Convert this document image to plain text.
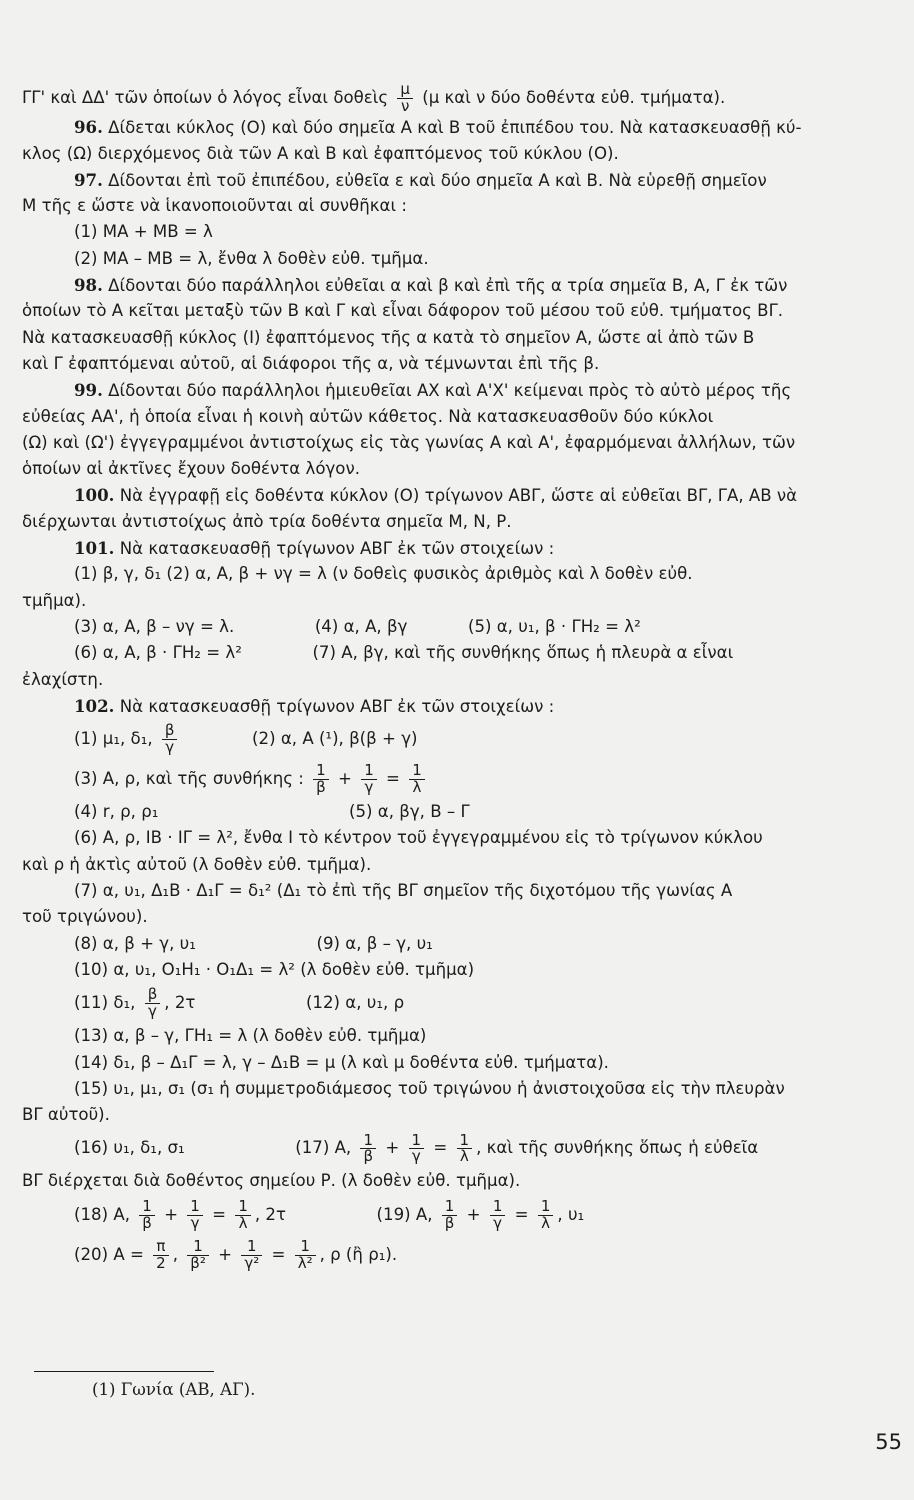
ΓΓ' καὶ ΔΔ' τῶν ὁποίων ὁ λόγος εἶναι δοθεὶς $\frac{\mu}{\nu} (\mu$ καὶ ν δύο δοθέντα εὐθ. τμήματα).
96. Δίδεται κύκλος (Ο) καὶ δύο σημεῖα Α καὶ Β τοῦ ἐπιπέδου του. Νὰ κατασκευασθῇ κύ-
κλος (Ω) διερχόμενος διὰ τῶν Α καὶ Β καὶ ἐφαπτόμενος τοῦ κύκλου (Ο).
97. Δίδονται ἐπὶ τοῦ ἐπιπέδου, εὐθεῖα ε καὶ δύο σημεῖα Α καὶ Β. Νὰ εὑρεθῇ σημεῖον
Μ τῆς ε ὥστε νὰ ἱκανοποιοῦνται αἱ συνθῆκαι :
(1) ΜΑ + ΜΒ = λ
(2) ΜΑ – ΜΒ = λ, ἔνθα λ δοθὲν εὐθ. τμῆμα.
98. Δίδονται δύο παράλληλοι εὐθεῖαι α καὶ β καὶ ἐπὶ τῆς α τρία σημεῖα Β, Α, Γ ἐκ τῶν
ὁποίων τὸ Α κεῖται μεταξὺ τῶν Β καὶ Γ καὶ εἶναι δάφορον τοῦ μέσου τοῦ εὐθ. τμήματος ΒΓ.
Νὰ κατασκευασθῇ κύκλος (Ι) ἐφαπτόμενος τῆς α κατὰ τὸ σημεῖον Α, ὥστε αἱ ἀπὸ τῶν Β
καὶ Γ ἐφαπτόμεναι αὐτοῦ, αἱ διάφοροι τῆς α, νὰ τέμνωνται ἐπὶ τῆς β.
99. Δίδονται δύο παράλληλοι ἡμιευθεῖαι ΑΧ καὶ Α'Χ' κείμεναι πρὸς τὸ αὐτὸ μέρος τῆς
εὐθείας ΑΑ', ἡ ὁποία εἶναι ἡ κοινὴ αὐτῶν κάθετος. Νὰ κατασκευασθοῦν δύο κύκλοι
(Ω) καὶ (Ω') ἐγγεγραμμένοι ἀντιστοίχως εἰς τὰς γωνίας Α καὶ Α', ἐφαρμόμεναι ἀλλήλων, τῶν
ὁποίων αἱ ἀκτῖνες ἔχουν δοθέντα λόγον.
100. Νὰ ἐγγραφῇ εἰς δοθέντα κύκλον (Ο) τρίγωνον ΑΒΓ, ὥστε αἱ εὐθεῖαι ΒΓ, ΓΑ, ΑΒ νὰ
διέρχωνται ἀντιστοίχως ἀπὸ τρία δοθέντα σημεῖα Μ, Ν, Ρ.
101. Νὰ κατασκευασθῇ τρίγωνον ΑΒΓ ἐκ τῶν στοιχείων :
(1) β, γ, δ₁ (2) α, Α, β + νγ = λ (ν δοθεὶς φυσικὸς ἀριθμὸς καὶ λ δοθὲν εὐθ.
τμῆμα).
(3) α, Α, β – νγ = λ.	(4) α, Α, βγ	(5) α, υ₁, β · ΓΗ₂ = λ²
(6) α, Α, β · ΓΗ₂ = λ²	(7) Α, βγ, καὶ τῆς συνθήκης ὅπως ἡ πλευρὰ α εἶναι
ἐλαχίστη.
102. Νὰ κατασκευασθῇ τρίγωνον ΑΒΓ ἐκ τῶν στοιχείων :
(1) μ₁, δ₁, $\frac{\beta}{\gamma}$	(2) α, Α (¹), β(β + γ)
(3) Α, ρ, καὶ τῆς συνθήκης : $\frac{1}{\beta} + \frac{1}{\gamma} = \frac{1}{\lambda}$
(4) r, ρ, ρ₁	(5) α, βγ, Β – Γ
(6) Α, ρ, ΙΒ · ΙΓ = λ², ἔνθα Ι τὸ κέντρον τοῦ ἐγγεγραμμένου εἰς τὸ τρίγωνον κύκλου
καὶ ρ ἡ ἀκτὶς αὐτοῦ (λ δοθὲν εὐθ. τμῆμα).
(7) α, υ₁, Δ₁Β · Δ₁Γ = δ₁² (Δ₁ τὸ ἐπὶ τῆς ΒΓ σημεῖον τῆς διχοτόμου τῆς γωνίας Α
τοῦ τριγώνου).
(8) α, β + γ, υ₁	(9) α, β – γ, υ₁
(10) α, υ₁, Ο₁Η₁ · Ο₁Δ₁ = λ² (λ δοθὲν εὐθ. τμῆμα)
(11) δ₁, $\frac{\beta}{\gamma}$ , 2τ	(12) α, υ₁, ρ
(13) α, β – γ, ΓΗ₁ = λ (λ δοθὲν εὐθ. τμῆμα)
(14) δ₁, β – Δ₁Γ = λ, γ – Δ₁Β = μ (λ καὶ μ δοθέντα εὐθ. τμήματα).
(15) υ₁, μ₁, σ₁ (σ₁ ἡ συμμετροδιάμεσος τοῦ τριγώνου ἡ ἀνιστοιχοῦσα εἰς τὴν πλευρὰν
ΒΓ αὐτοῦ).
(16) υ₁, δ₁, σ₁	(17) Α, $\frac{1}{\beta} + \frac{1}{\gamma} = \frac{1}{\lambda}$ , καὶ τῆς συνθήκης ὅπως ἡ εὐθεῖα
ΒΓ διέρχεται διὰ δοθέντος σημείου Ρ. (λ δοθὲν εὐθ. τμῆμα).
(18) Α, $\frac{1}{\beta} + \frac{1}{\gamma} = \frac{1}{\lambda}$ , 2τ	(19) Α, $\frac{1}{\beta} + \frac{1}{\gamma} = \frac{1}{\lambda}$ , υ₁
(20) $A = \frac{\pi}{2}$ , $\frac{1}{\text{β²}} + \frac{1}{\text{γ²}} = \frac{1}{\text{λ²}}$ , ρ (ἢ ρ₁).
(1) Γωνία (ΑΒ, ΑΓ).
55
